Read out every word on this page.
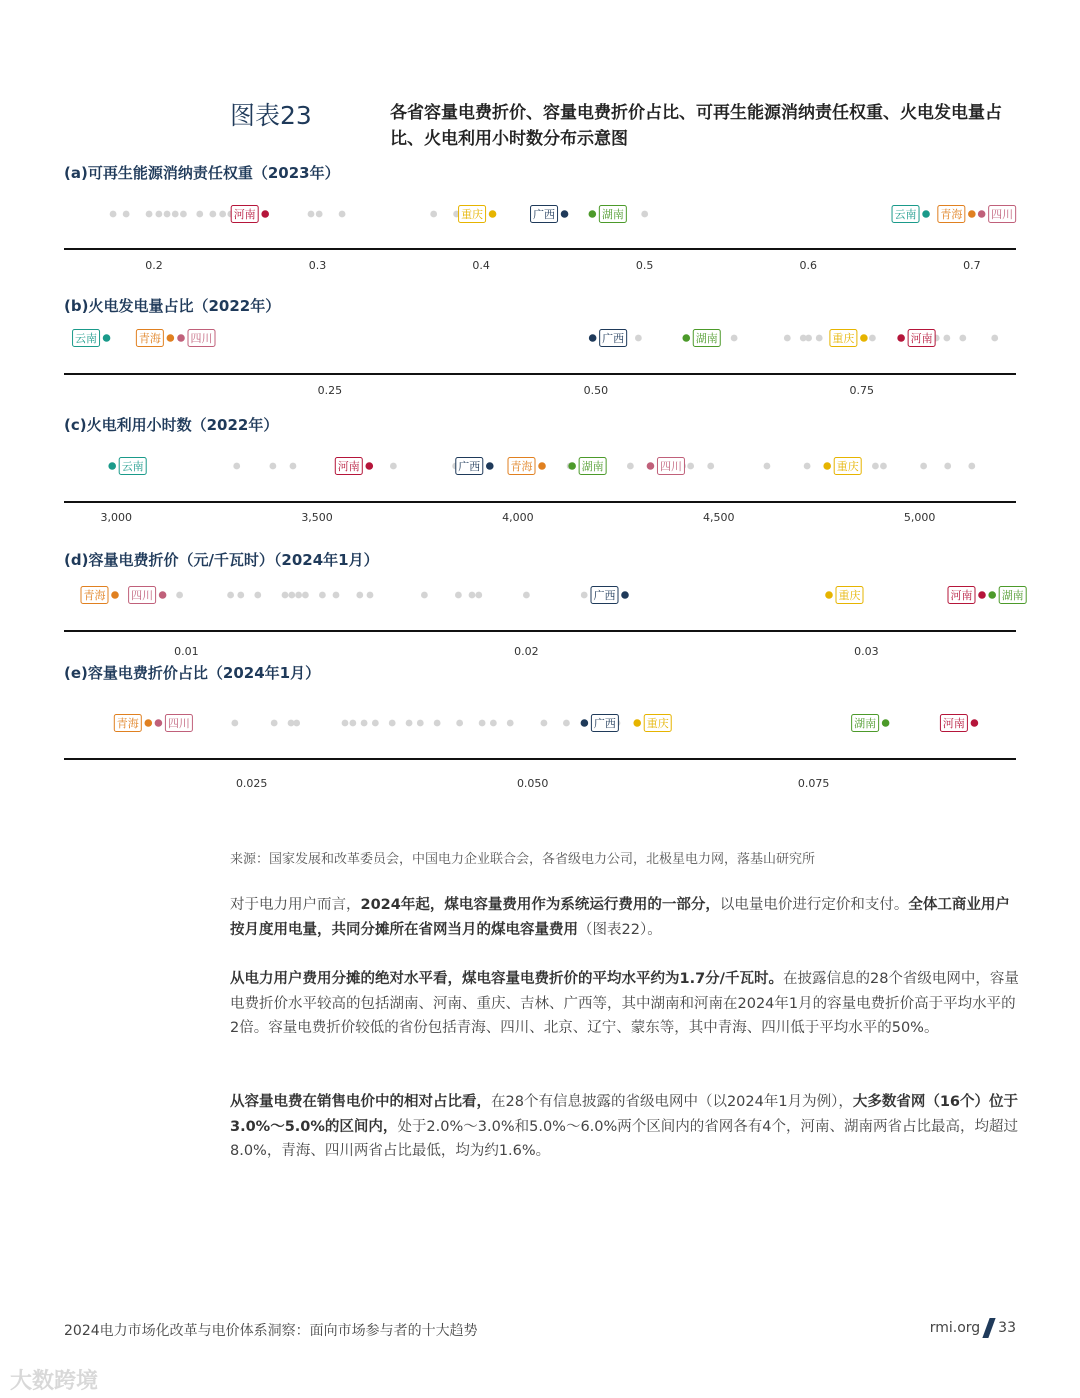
图表23	各省容量电费折价、容量电费折价占比、可再生能源消纳责任权重、火电发电量占比、火电利用小时数分布示意图
(a)可再生能源消纳责任权重（2023年）
(b)火电发电量占比（2022年）
(c)火电利用小时数（2022年）
(d)容量电费折价（元/千瓦时）（2024年1月）
(e)容量电费折价占比（2024年1月）
0.2	0.3	0.4	0.5	0.6	0.7
河南	重庆	广西	湖南	云南 青海	四川
0.25	0.50	0.75
云南	青海	四川	广西	湖南	重庆	河南
3,000	3,500	4,000	4,500	5,000
云南	河南	广西	青海	湖南	四川	重庆
0.01	0.02	0.03
青海 四川	广西	重庆	河南	湖南
0.025	0.050	0.075
青海	四川	广西	重庆	湖南	河南
来源：国家发展和改革委员会，中国电力企业联合会，各省级电力公司，北极星电力网，落基山研究所
对于电力用户而言，2024年起，煤电容量费用作为系统运行费用的一部分，以电量电价进行定价和支付。全体工商业用户按月度用电量，共同分摊所在省网当月的煤电容量费用（图表22）。
从电力用户费用分摊的绝对水平看，煤电容量电费折价的平均水平约为1.7分/千瓦时。在披露信息的28个省级电网中，容量电费折价水平较高的包括湖南、河南、重庆、吉林、广西等，其中湖南和河南在2024年1月的容量电费折价高于平均水平的2倍。容量电费折价较低的省份包括青海、四川、北京、辽宁、蒙东等，其中青海、四川低于平均水平的50%。
从容量电费在销售电价中的相对占比看，在28个有信息披露的省级电网中（以2024年1月为例），大多数省网（16个）位于3.0%～5.0%的区间内，处于2.0%～3.0%和5.0%～6.0%两个区间内的省网各有4个，河南、湖南两省占比最高，均超过8.0%，青海、四川两省占比最低，均为约1.6%。
2024电力市场化改革与电价体系洞察：面向市场参与者的十大趋势	rmi.org 33
大数跨境
